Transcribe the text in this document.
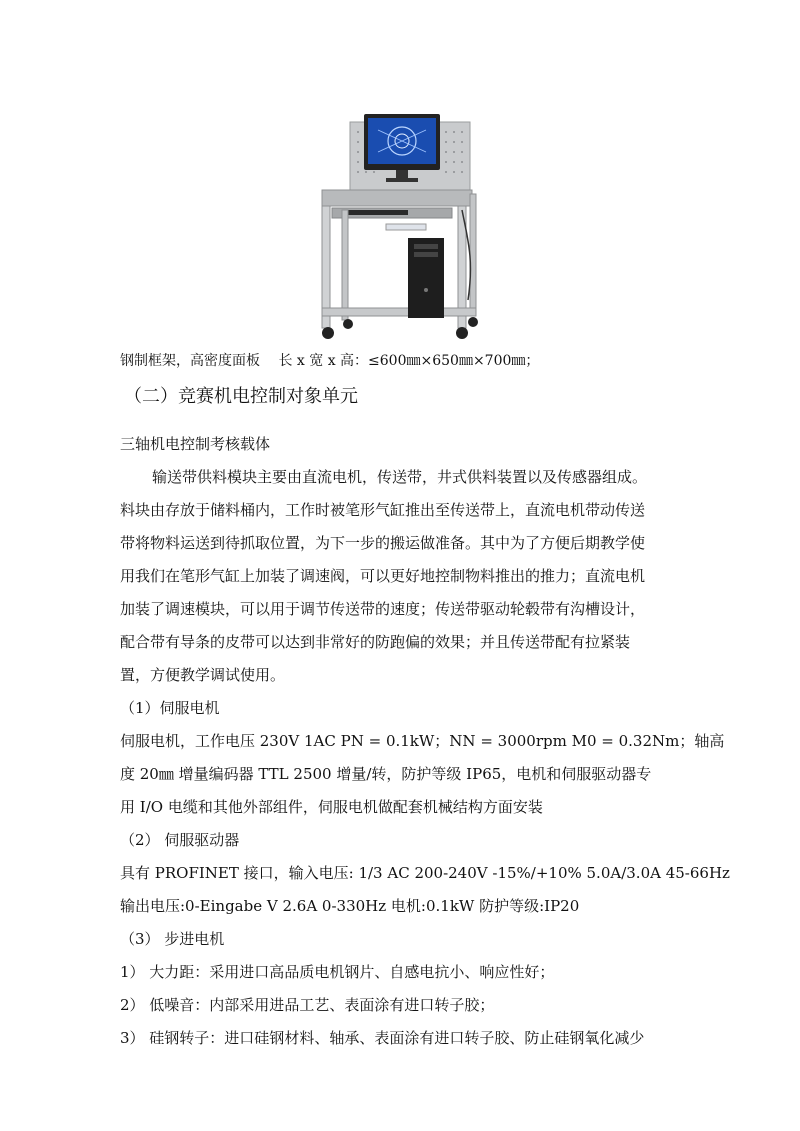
钢制框架，高密度面板　 长 x 宽 x 高：≤600㎜×650㎜×700㎜；
（二）竞赛机电控制对象单元
三轴机电控制考核载体
输送带供料模块主要由直流电机，传送带，井式供料装置以及传感器组成。
料块由存放于储料桶内，工作时被笔形气缸推出至传送带上，直流电机带动传送
带将物料运送到待抓取位置，为下一步的搬运做准备。其中为了方便后期教学使
用我们在笔形气缸上加装了调速阀，可以更好地控制物料推出的推力；直流电机
加装了调速模块，可以用于调节传送带的速度；传送带驱动轮毂带有沟槽设计，
配合带有导条的皮带可以达到非常好的防跑偏的效果；并且传送带配有拉紧装
置，方便教学调试使用。
（1）伺服电机
伺服电机，工作电压 230V 1AC PN = 0.1kW；NN = 3000rpm M0 = 0.32Nm；轴高
度 20㎜ 增量编码器 TTL 2500 增量/转，防护等级 IP65，电机和伺服驱动器专
用 I/O 电缆和其他外部组件，伺服电机做配套机械结构方面安装
（2） 伺服驱动器
具有 PROFINET 接口，输入电压: 1/3 AC 200-240V -15%/+10% 5.0A/3.0A 45-66Hz
输出电压:0-Eingabe V 2.6A 0-330Hz 电机:0.1kW 防护等级:IP20
（3） 步进电机
1） 大力距：采用进口高品质电机钢片、自感电抗小、响应性好；
2） 低噪音：内部采用进品工艺、表面涂有进口转子胶；
3） 硅钢转子：进口硅钢材料、轴承、表面涂有进口转子胶、防止硅钢氧化减少
